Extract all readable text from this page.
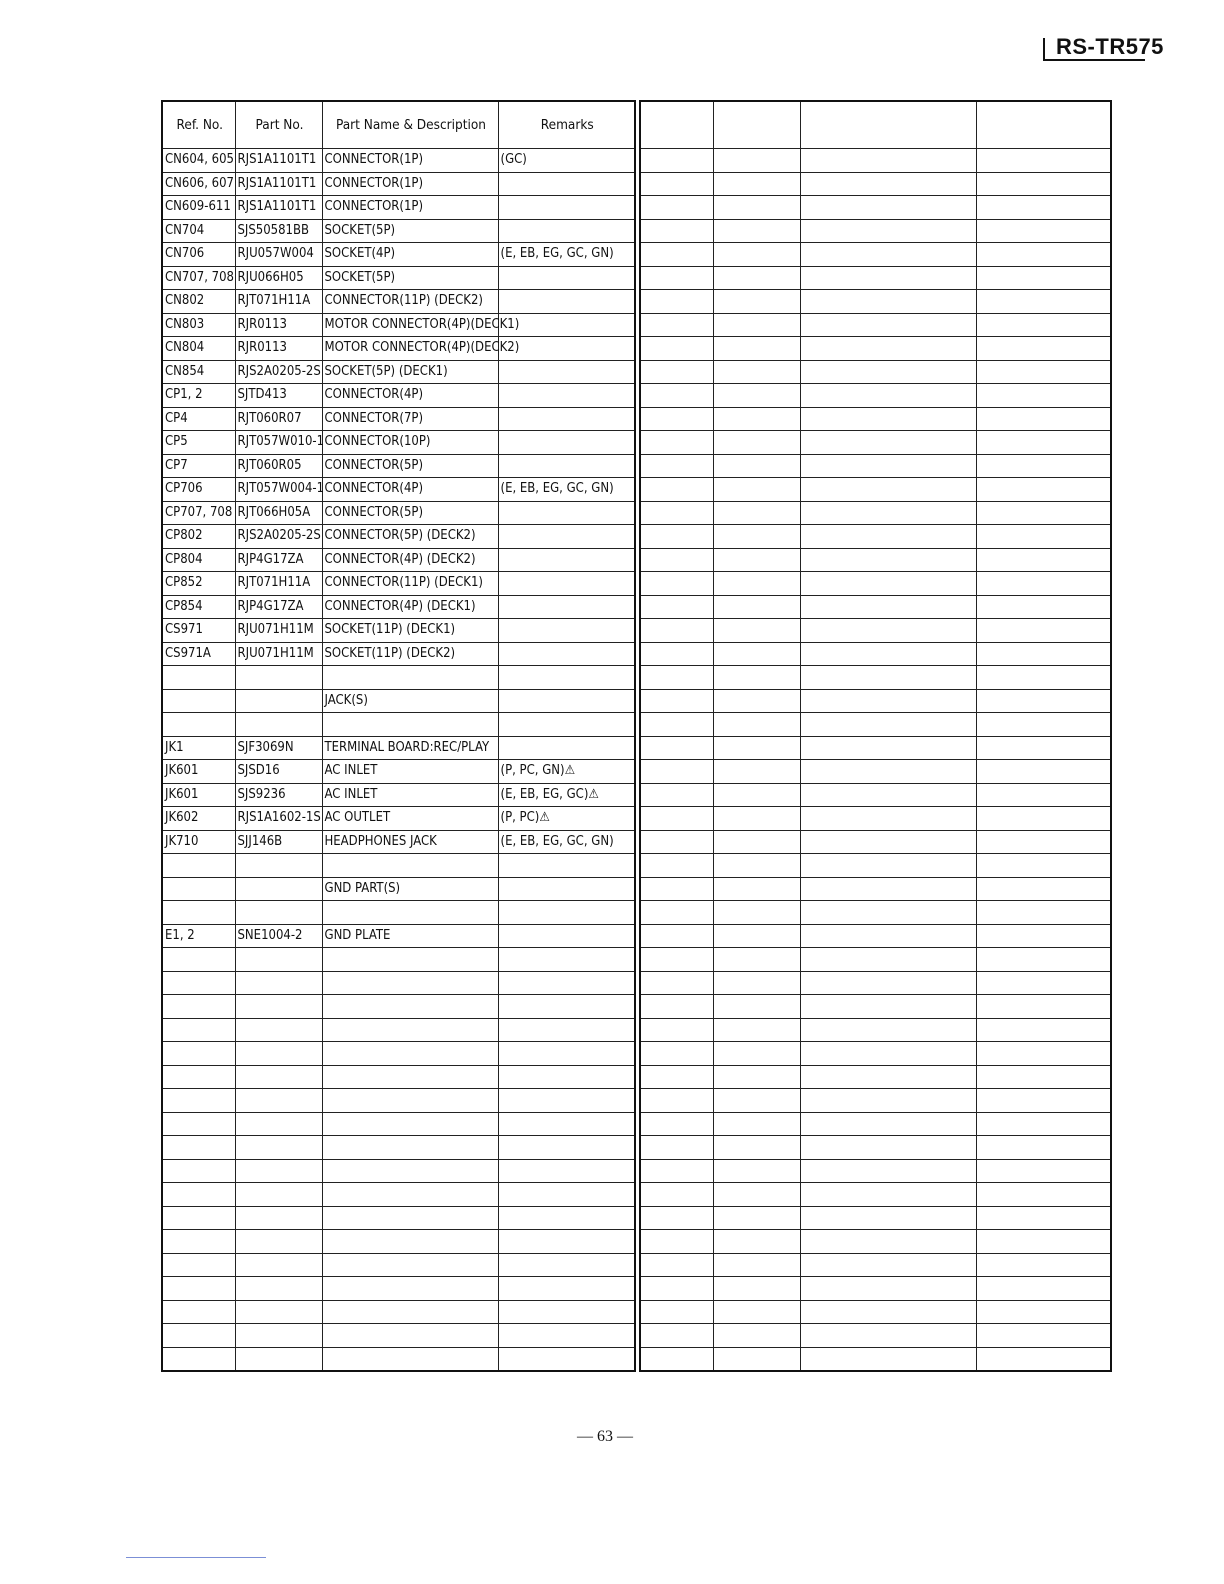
RS-TR575
Ref. No.	Part No.	Part Name & Description	Remarks
CN604, 605	RJS1A1101T1	CONNECTOR(1P)	(GC)
CN606, 607	RJS1A1101T1	CONNECTOR(1P)	
CN609-611	RJS1A1101T1	CONNECTOR(1P)	
CN704	SJS50581BB	SOCKET(5P)	
CN706	RJU057W004	SOCKET(4P)	(E, EB, EG, GC, GN)
CN707, 708	RJU066H05	SOCKET(5P)	
CN802	RJT071H11A	CONNECTOR(11P) (DECK2)	
CN803	RJR0113	MOTOR CONNECTOR(4P)(DECK1)	
CN804	RJR0113	MOTOR CONNECTOR(4P)(DECK2)	
CN854	RJS2A0205-2S	SOCKET(5P) (DECK1)	
CP1, 2	SJTD413	CONNECTOR(4P)	
CP4	RJT060R07	CONNECTOR(7P)	
CP5	RJT057W010-1	CONNECTOR(10P)	
CP7	RJT060R05	CONNECTOR(5P)	
CP706	RJT057W004-1	CONNECTOR(4P)	(E, EB, EG, GC, GN)
CP707, 708	RJT066H05A	CONNECTOR(5P)	
CP802	RJS2A0205-2S	CONNECTOR(5P) (DECK2)	
CP804	RJP4G17ZA	CONNECTOR(4P) (DECK2)	
CP852	RJT071H11A	CONNECTOR(11P) (DECK1)	
CP854	RJP4G17ZA	CONNECTOR(4P) (DECK1)	
CS971	RJU071H11M	SOCKET(11P) (DECK1)	
CS971A	RJU071H11M	SOCKET(11P) (DECK2)	

		JACK(S)	

JK1	SJF3069N	TERMINAL BOARD:REC/PLAY	
JK601	SJSD16	AC INLET	(P, PC, GN)⚠
JK601	SJS9236	AC INLET	(E, EB, EG, GC)⚠
JK602	RJS1A1602-1S	AC OUTLET	(P, PC)⚠
JK710	SJJ146B	HEADPHONES JACK	(E, EB, EG, GC, GN)

		GND PART(S)	

E1, 2	SNE1004-2	GND PLATE	

— 63 —
